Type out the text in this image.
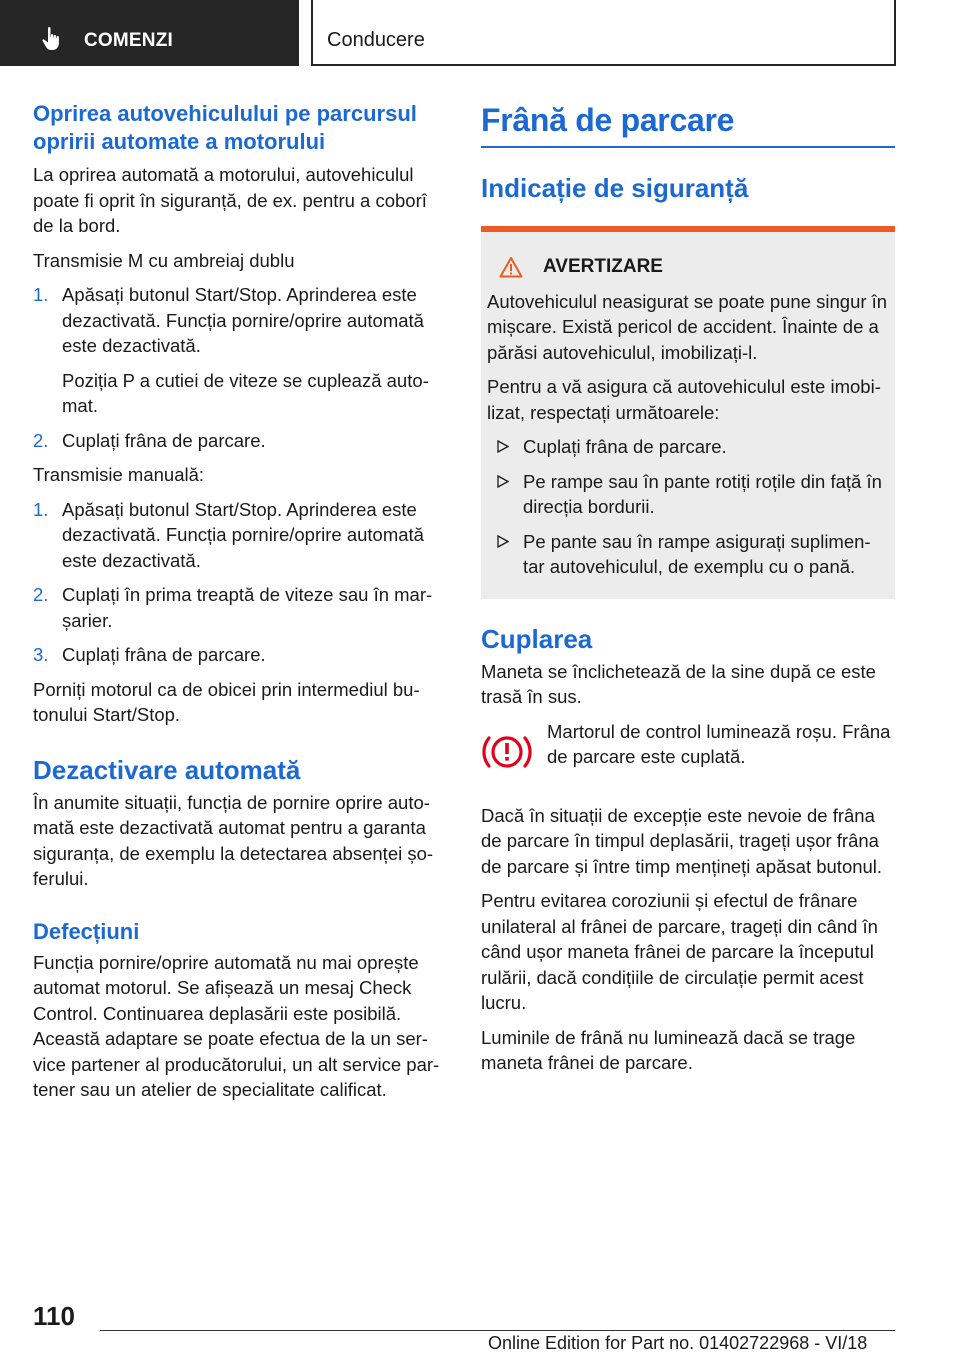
COMENZI	Conducere
Oprirea autovehiculului pe parcursul opririi automate a motorului

La oprirea automată a motorului, autovehiculul poate fi oprit în siguranță, de ex. pentru a coborî de la bord.

Transmisie M cu ambreiaj dublu

1. Apăsați butonul Start/Stop. Aprinderea este dezactivată. Funcția pornire/oprire automată este dezactivată.
Poziția P a cutiei de viteze se cuplează auto-mat.
2. Cuplați frâna de parcare.

Transmisie manuală:

1. Apăsați butonul Start/Stop. Aprinderea este dezactivată. Funcția pornire/oprire automată este dezactivată.
2. Cuplați în prima treaptă de viteze sau în mar-șarier.
3. Cuplați frâna de parcare.

Porniți motorul ca de obicei prin intermediul bu-tonului Start/Stop.

Dezactivare automată

În anumite situații, funcția de pornire oprire auto-mată este dezactivată automat pentru a garanta siguranța, de exemplu la detectarea absenței șo-ferului.

Defecțiuni

Funcția pornire/oprire automată nu mai oprește automat motorul. Se afișează un mesaj Check Control. Continuarea deplasării este posibilă. Această adaptare se poate efectua de la un ser-vice partener al producătorului, un alt service par-tener sau un atelier de specialitate calificat.

Frână de parcare
Indicație de siguranță
AVERTIZARE

Autovehiculul neasigurat se poate pune singur în mișcare. Există pericol de accident. Înainte de a părăsi autovehiculul, imobilizați-l.

Pentru a vă asigura că autovehiculul este imobi-lizat, respectați următoarele:

Cuplați frâna de parcare.
Pe rampe sau în pante rotiți roțile din față în direcția bordurii.
Pe pante sau în rampe asigurați suplimen-tar autovehiculul, de exemplu cu o pană.
Cuplarea

Maneta se înclichetează de la sine după ce este trasă în sus.

Martorul de control luminează roșu. Frâna de parcare este cuplată.

Dacă în situații de excepție este nevoie de frâna de parcare în timpul deplasării, trageți ușor frâna de parcare și între timp mențineți apăsat butonul.

Pentru evitarea coroziunii și efectul de frânare unilateral al frânei de parcare, trageți din când în când ușor maneta frânei de parcare la începutul rulării, dacă condițiile de circulație permit acest lucru.

Luminile de frână nu luminează dacă se trage maneta frânei de parcare.

110
Online Edition for Part no. 01402722968 - VI/18
